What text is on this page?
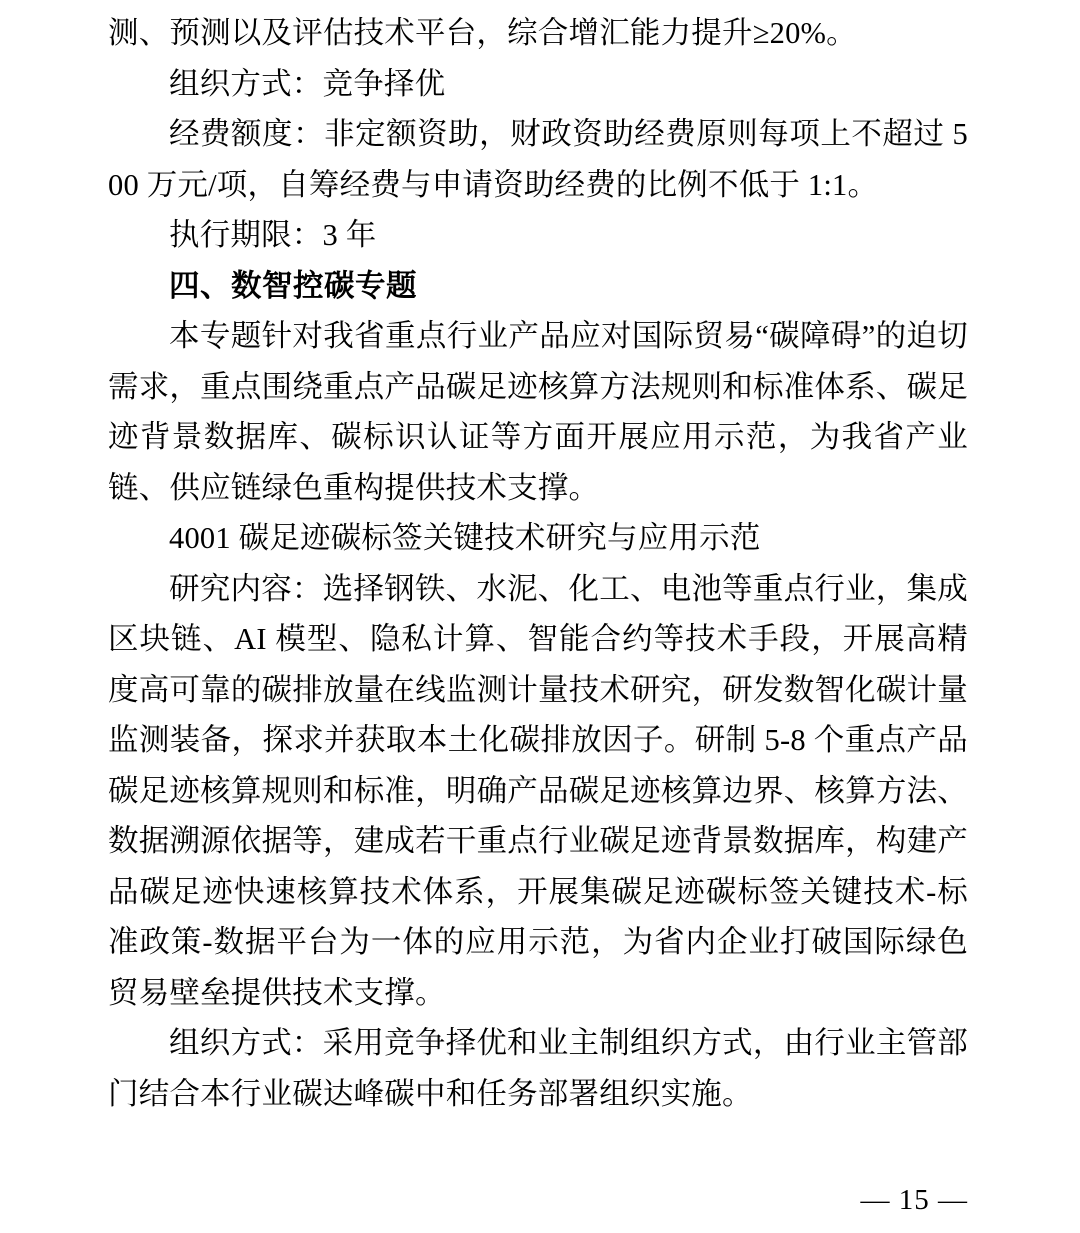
测、预测以及评估技术平台，综合增汇能力提升≥20%。

组织方式：竞争择优

经费额度：非定额资助，财政资助经费原则每项上不超过 500 万元/项，自筹经费与申请资助经费的比例不低于 1:1。

执行期限：3 年

四、数智控碳专题

本专题针对我省重点行业产品应对国际贸易“碳障碍”的迫切需求，重点围绕重点产品碳足迹核算方法规则和标准体系、碳足迹背景数据库、碳标识认证等方面开展应用示范，为我省产业链、供应链绿色重构提供技术支撑。

4001 碳足迹碳标签关键技术研究与应用示范

研究内容：选择钢铁、水泥、化工、电池等重点行业，集成区块链、AI 模型、隐私计算、智能合约等技术手段，开展高精度高可靠的碳排放量在线监测计量技术研究，研发数智化碳计量监测装备，探求并获取本土化碳排放因子。研制 5-8 个重点产品碳足迹核算规则和标准，明确产品碳足迹核算边界、核算方法、数据溯源依据等，建成若干重点行业碳足迹背景数据库，构建产品碳足迹快速核算技术体系，开展集碳足迹碳标签关键技术-标准政策-数据平台为一体的应用示范，为省内企业打破国际绿色贸易壁垒提供技术支撑。

组织方式：采用竞争择优和业主制组织方式，由行业主管部门结合本行业碳达峰碳中和任务部署组织实施。

— 15 —
